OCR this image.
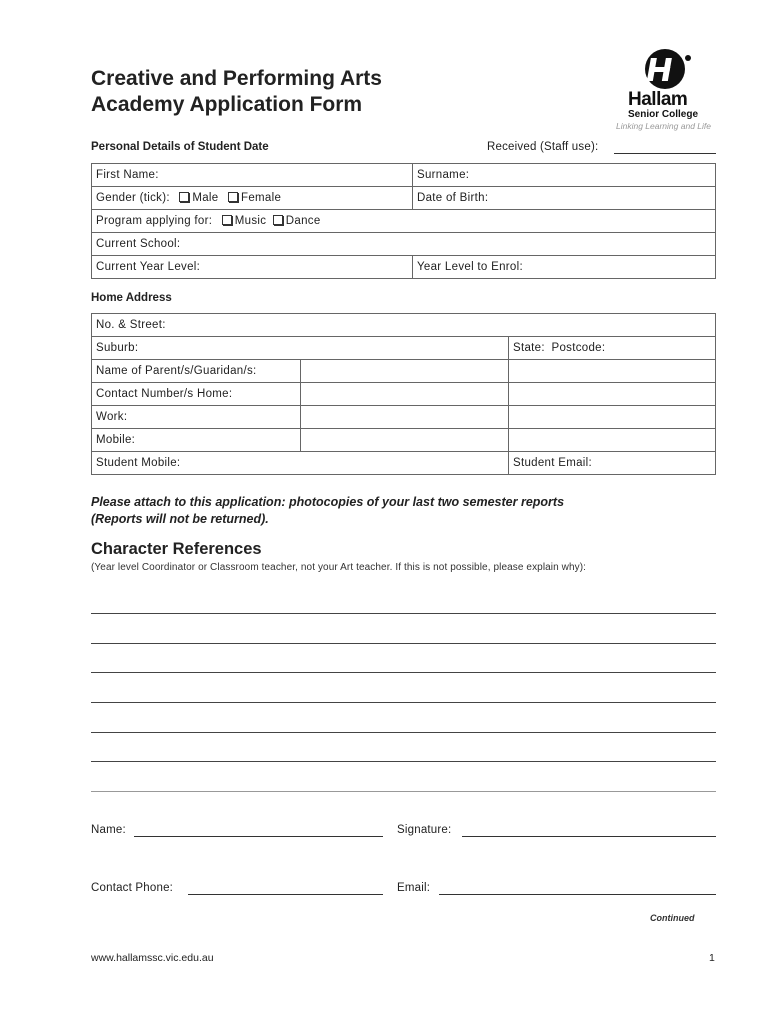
Creative and Performing Arts
Academy Application Form	Hallam
Senior College
Linking Learning and Life
Personal Details of Student Date	Received (Staff use):
First Name:	Surname:
Gender (tick): Male Female	Date of Birth:
Program applying for: Music Dance	
Current School:	
Current Year Level:	Year Level to Enrol:
Home Address
No. & Street:		
Suburb:		State: Postcode:

Name of Parent/s/Guaridan/s:		
Contact Number/s Home:		
Work:		
Mobile:		
Student Mobile:		Student Email:
Please attach to this application: photocopies of your last two semester reports
(Reports will not be returned).
Character References
(Year level Coordinator or Classroom teacher, not your Art teacher. If this is not possible, please explain why):
Name:	Signature:
Contact Phone:	Email:
Continued
www.hallamssc.vic.edu.au	1
